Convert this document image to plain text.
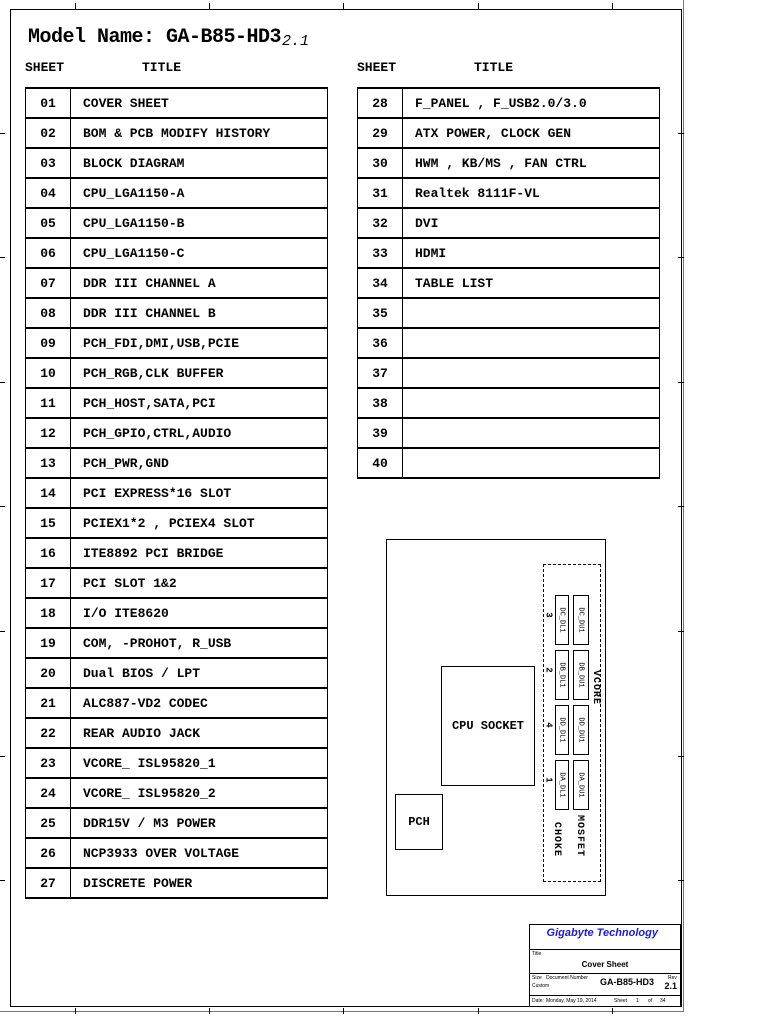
Model Name: GA-B85-HD3 2.1
SHEET	TITLE	SHEET	TITLE
01	COVER SHEET
02	BOM & PCB MODIFY HISTORY
03	BLOCK DIAGRAM
04	CPU_LGA1150-A
05	CPU_LGA1150-B
06	CPU_LGA1150-C
07	DDR III CHANNEL A
08	DDR III CHANNEL B
09	PCH_FDI,DMI,USB,PCIE
10	PCH_RGB,CLK BUFFER
11	PCH_HOST,SATA,PCI
12	PCH_GPIO,CTRL,AUDIO
13	PCH_PWR,GND
14	PCI EXPRESS*16 SLOT
15	PCIEX1*2 , PCIEX4 SLOT
16	ITE8892 PCI BRIDGE
17	PCI SLOT 1&2
18	I/O ITE8620
19	COM, -PROHOT, R_USB
20	Dual BIOS / LPT
21	ALC887-VD2 CODEC
22	REAR AUDIO JACK
23	VCORE_ ISL95820_1
24	VCORE_ ISL95820_2
25	DDR15V / M3 POWER
26	NCP3933 OVER VOLTAGE
27	DISCRETE POWER
28	F_PANEL , F_USB2.0/3.0
29	ATX POWER, CLOCK GEN
30	HWM , KB/MS , FAN CTRL
31	Realtek 8111F-VL
32	DVI
33	HDMI
34	TABLE LIST
35	
36	
37	
38	
39	
40	
CPU SOCKET
PCH
DC_DL1
DB_DL1
DD_DL1
DA_DL1
DC_DU1
DB_DU1
DD_DU1
DA_DU1
3
2
4
1
VCORE
MOSFET
CHOKE
Gigabyte Technology
Title
Cover Sheet
Size
Custom
Document Number GA-B85-HD3	Rev
2.1
Date: Monday, May 19, 2014	Sheet 1 of 34
